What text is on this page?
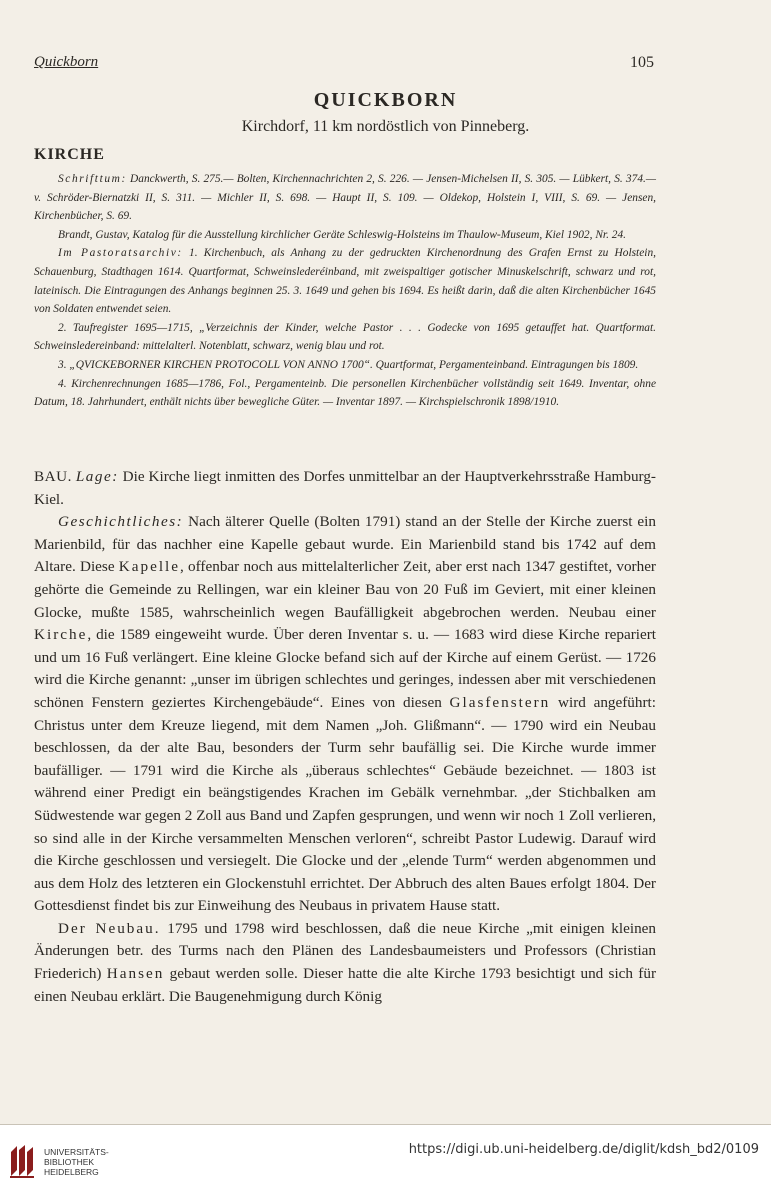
Quickborn	105
QUICKBORN
Kirchdorf, 11 km nordöstlich von Pinneberg.
KIRCHE

Schrifttum: Danckwerth, S. 275.— Bolten, Kirchennachrichten 2, S. 226. — Jensen-Michelsen II, S. 305. — Lübkert, S. 374.— v. Schröder-Biernatzki II, S. 311. — Michler II, S. 698. — Haupt II, S. 109. — Oldekop, Holstein I, VIII, S. 69. — Jensen, Kirchenbücher, S. 69.

Brandt, Gustav, Katalog für die Ausstellung kirchlicher Geräte Schleswig-Holsteins im Thaulow-Museum, Kiel 1902, Nr. 24.

Im Pastoratsarchiv: 1. Kirchenbuch, als Anhang zu der gedruckten Kirchenordnung des Grafen Ernst zu Holstein, Schauenburg, Stadthagen 1614. Quartformat, Schweinslederéinband, mit zweispaltiger gotischer Minuskelschrift, schwarz und rot, lateinisch. Die Eintragungen des Anhangs beginnen 25. 3. 1649 und gehen bis 1694. Es heißt darin, daß die alten Kirchenbücher 1645 von Soldaten entwendet seien.

2. Taufregister 1695—1715, „Verzeichnis der Kinder, welche Pastor . . . Godecke von 1695 getauffet hat. Quartformat. Schweinsledereinband: mittelalterl. Notenblatt, schwarz, wenig blau und rot.

3. „QVICKEBORNER KIRCHEN PROTOCOLL VON ANNO 1700“. Quartformat, Pergamenteinband. Eintragungen bis 1809.

4. Kirchenrechnungen 1685—1786, Fol., Pergamenteinb. Die personellen Kirchenbücher vollständig seit 1649. Inventar, ohne Datum, 18. Jahrhundert, enthält nichts über bewegliche Güter. — Inventar 1897. — Kirchspielschronik 1898/1910.

BAU. Lage: Die Kirche liegt inmitten des Dorfes unmittelbar an der Hauptverkehrsstraße Hamburg-Kiel.

Geschichtliches: Nach älterer Quelle (Bolten 1791) stand an der Stelle der Kirche zuerst ein Marienbild, für das nachher eine Kapelle gebaut wurde. Ein Marienbild stand bis 1742 auf dem Altare. Diese Kapelle, offenbar noch aus mittelalterlicher Zeit, aber erst nach 1347 gestiftet, vorher gehörte die Gemeinde zu Rellingen, war ein kleiner Bau von 20 Fuß im Geviert, mit einer kleinen Glocke, mußte 1585, wahrscheinlich wegen Baufälligkeit abgebrochen werden. Neubau einer Kirche, die 1589 eingeweiht wurde. Über deren Inventar s. u. — 1683 wird diese Kirche repariert und um 16 Fuß verlängert. Eine kleine Glocke befand sich auf der Kirche auf einem Gerüst. — 1726 wird die Kirche genannt: „unser im übrigen schlechtes und geringes, indessen aber mit verschiedenen schönen Fenstern geziertes Kirchengebäude“. Eines von diesen Glasfenstern wird angeführt: Christus unter dem Kreuze liegend, mit dem Namen „Joh. Glißmann“. — 1790 wird ein Neubau beschlossen, da der alte Bau, besonders der Turm sehr baufällig sei. Die Kirche wurde immer baufälliger. — 1791 wird die Kirche als „überaus schlechtes“ Gebäude bezeichnet. — 1803 ist während einer Predigt ein beängstigendes Krachen im Gebälk vernehmbar. „der Stichbalken am Südwestende war gegen 2 Zoll aus Band und Zapfen gesprungen, und wenn wir noch 1 Zoll verlieren, so sind alle in der Kirche versammelten Menschen verloren“, schreibt Pastor Ludewig. Darauf wird die Kirche geschlossen und versiegelt. Die Glocke und der „elende Turm“ werden abgenommen und aus dem Holz des letzteren ein Glockenstuhl errichtet. Der Abbruch des alten Baues erfolgt 1804. Der Gottesdienst findet bis zur Einweihung des Neubaus in privatem Hause statt.

Der Neubau. 1795 und 1798 wird beschlossen, daß die neue Kirche „mit einigen kleinen Änderungen betr. des Turms nach den Plänen des Landesbaumeisters und Professors (Christian Friederich) Hansen gebaut werden solle. Dieser hatte die alte Kirche 1793 besichtigt und sich für einen Neubau erklärt. Die Baugenehmigung durch König

UNIVERSITÄTS-
BIBLIOTHEK
HEIDELBERG
https://digi.ub.uni-heidelberg.de/diglit/kdsh_bd2/0109
